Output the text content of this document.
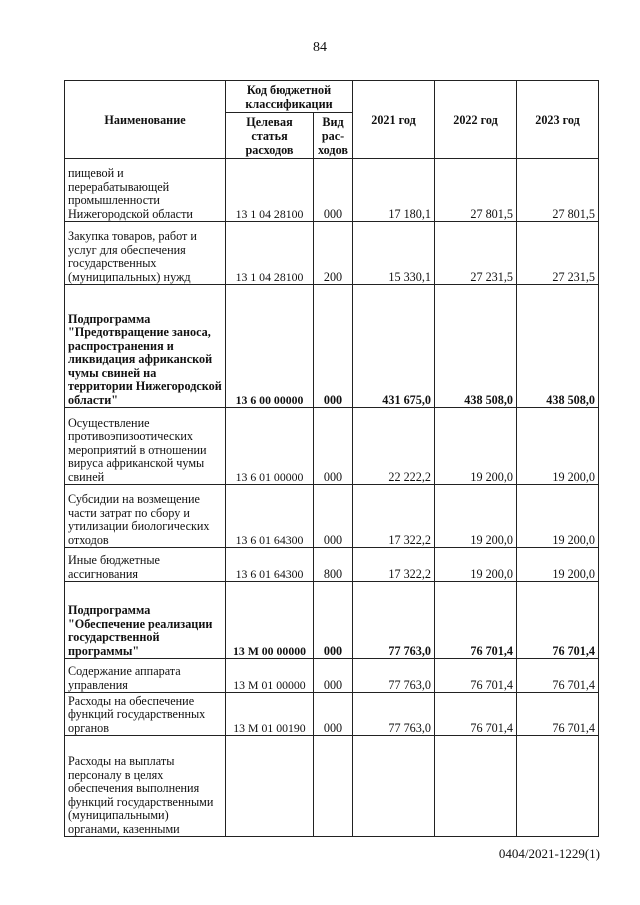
84
Наименование	Код бюджетной классификации		2021 год	2022 год	2023 год
	Целевая статья расходов	Вид рас-ходов			
пищевой и перерабатывающей промышленности Нижегородской области	13 1 04 28100	000	17 180,1	27 801,5	27 801,5
Закупка товаров, работ и услуг для обеспечения государственных (муниципальных) нужд	13 1 04 28100	200	15 330,1	27 231,5	27 231,5
Подпрограмма "Предотвращение заноса, распространения и ликвидация африканской чумы свиней на территории Нижегородской области"	13 6 00 00000	000	431 675,0	438 508,0	438 508,0
Осуществление противоэпизоотических мероприятий в отношении вируса африканской чумы свиней	13 6 01 00000	000	22 222,2	19 200,0	19 200,0
Субсидии на возмещение части затрат по сбору и утилизации биологических отходов	13 6 01 64300	000	17 322,2	19 200,0	19 200,0
Иные бюджетные ассигнования	13 6 01 64300	800	17 322,2	19 200,0	19 200,0
Подпрограмма "Обеспечение реализации государственной программы"	13 М 00 00000	000	77 763,0	76 701,4	76 701,4
Содержание аппарата управления	13 М 01 00000	000	77 763,0	76 701,4	76 701,4
Расходы на обеспечение функций государственных органов	13 М 01 00190	000	77 763,0	76 701,4	76 701,4
Расходы на выплаты персоналу в целях обеспечения выполнения функций государственными (муниципальными) органами, казенными					
0404/2021-1229(1)
